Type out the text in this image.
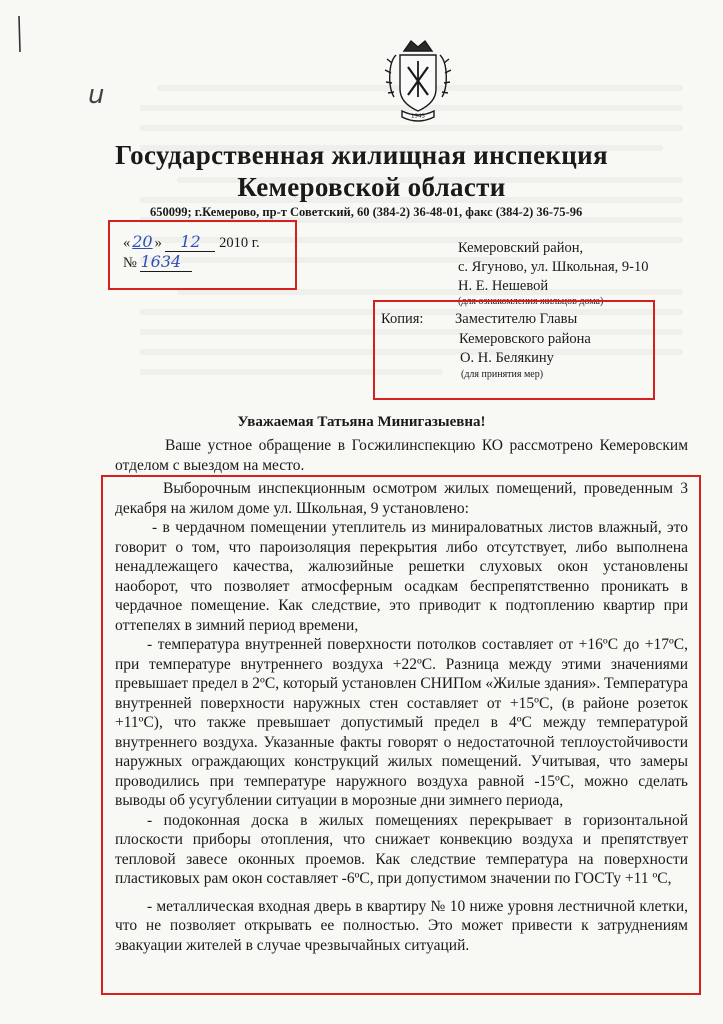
u
1943
Государственная жилищная инспекция
Кемеровской области
650099; г.Кемерово, пр-т Советский, 60 (384-2) 36-48-01, факс (384-2) 36-75-96
« 20 » 12 2010 г.
№ 1634
Кемеровский район,
с. Ягуново, ул. Школьная, 9-10
Н. Е. Нешевой
(для ознакомления жильцов дома)
Копия: Заместителю Главы
Кемеровского района
О. Н. Белякину
(для принятия мер)
Уважаемая Татьяна Минигазыевна!
Ваше устное обращение в Госжилинспекцию КО рассмотрено Кемеровским отделом с выездом на место.
Выборочным инспекционным осмотром жилых помещений, проведенным 3 декабря на жилом доме ул. Школьная, 9 установлено:
- в чердачном помещении утеплитель из минираловатных листов влажный, это говорит о том, что пароизоляция перекрытия либо отсутствует, либо выполнена ненадлежащего качества, жалюзийные решетки слуховых окон установлены наоборот, что позволяет атмосферным осадкам беспрепятственно проникать в чердачное помещение. Как следствие, это приводит к подтоплению квартир при оттепелях в зимний период времени,
- температура внутренней поверхности потолков составляет от +16ºС до +17ºС, при температуре внутреннего воздуха +22ºС. Разница между этими значениями превышает предел в 2ºС, который установлен СНИПом «Жилые здания». Температура внутренней поверхности наружных стен составляет от +15ºС, (в районе розеток +11ºС), что также превышает допустимый предел в 4ºС между температурой внутреннего воздуха. Указанные факты говорят о недостаточной теплоустойчивости наружных ограждающих конструкций жилых помещений. Учитывая, что замеры проводились при температуре наружного воздуха равной -15ºС, можно сделать выводы об усугублении ситуации в морозные дни зимнего периода,
- подоконная доска в жилых помещениях перекрывает в горизонтальной плоскости приборы отопления, что снижает конвекцию воздуха и препятствует тепловой завесе оконных проемов. Как следствие температура на поверхности пластиковых рам окон составляет -6ºС, при допустимом значении по ГОСТу +11 ºС,
- металлическая входная дверь в квартиру № 10 ниже уровня лестничной клетки, что не позволяет открывать ее полностью. Это может привести к затруднениям эвакуации жителей в случае чрезвычайных ситуаций.
